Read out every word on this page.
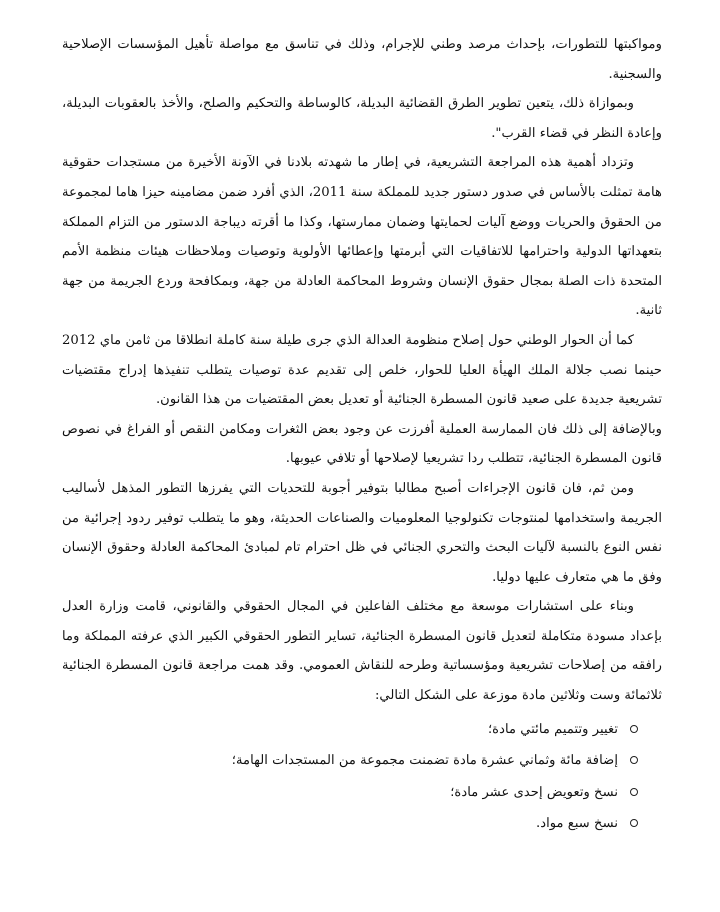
ومواكبتها للتطورات، بإحداث مرصد وطني للإجرام، وذلك في تناسق مع مواصلة تأهيل المؤسسات الإصلاحية والسجنية.

وبموازاة ذلك، يتعين تطوير الطرق القضائية البديلة، كالوساطة والتحكيم والصلح، والأخذ بالعقوبات البديلة، وإعادة النظر في قضاء القرب".

وتزداد أهمية هذه المراجعة التشريعية، في إطار ما شهدته بلادنا في الآونة الأخيرة من مستجدات حقوقية هامة تمثلت بالأساس في صدور دستور جديد للمملكة سنة 2011، الذي أفرد ضمن مضامينه حيزا هاما لمجموعة من الحقوق والحريات ووضع آليات لحمايتها وضمان ممارستها، وكذا ما أقرته ديباجة الدستور من التزام المملكة بتعهداتها الدولية واحترامها للاتفاقيات التي أبرمتها وإعطائها الأولوية وتوصيات وملاحظات هيئات منظمة الأمم المتحدة ذات الصلة بمجال حقوق الإنسان وشروط المحاكمة العادلة من جهة، وبمكافحة وردع الجريمة من جهة ثانية.

كما أن الحوار الوطني حول إصلاح منظومة العدالة الذي جرى طيلة سنة كاملة انطلاقا من ثامن ماي 2012 حينما نصب جلالة الملك الهيأة العليا للحوار، خلص إلى تقديم عدة توصيات يتطلب تنفيذها إدراج مقتضيات تشريعية جديدة على صعيد قانون المسطرة الجنائية أو تعديل بعض المقتضيات من هذا القانون.

وبالإضافة إلى ذلك فان الممارسة العملية أفرزت عن وجود بعض الثغرات ومكامن النقص أو الفراغ في نصوص قانون المسطرة الجنائية، تتطلب ردا تشريعيا لإصلاحها أو تلافي عيوبها.

ومن ثم، فان قانون الإجراءات أصبح مطالبا بتوفير أجوبة للتحديات التي يفرزها التطور المذهل لأساليب الجريمة واستخدامها لمنتوجات تكنولوجيا المعلوميات والصناعات الحديثة، وهو ما يتطلب توفير ردود إجرائية من نفس النوع بالنسبة لآليات البحث والتحري الجنائي في ظل احترام تام لمبادئ المحاكمة العادلة وحقوق الإنسان وفق ما هي متعارف عليها دوليا.

وبناء على استشارات موسعة مع مختلف الفاعلين في المجال الحقوقي والقانوني، قامت وزارة العدل بإعداد مسودة متكاملة لتعديل قانون المسطرة الجنائية، تساير التطور الحقوقي الكبير الذي عرفته المملكة وما رافقه من إصلاحات تشريعية ومؤسساتية وطرحه للنقاش العمومي. وقد همت مراجعة قانون المسطرة الجنائية ثلاثمائة وست وثلاثين مادة موزعة على الشكل التالي:

تغيير وتتميم مائتي مادة؛
إضافة مائة وثماني عشرة مادة تضمنت مجموعة من المستجدات الهامة؛
نسخ وتعويض إحدى عشر مادة؛
نسخ سبع مواد.
